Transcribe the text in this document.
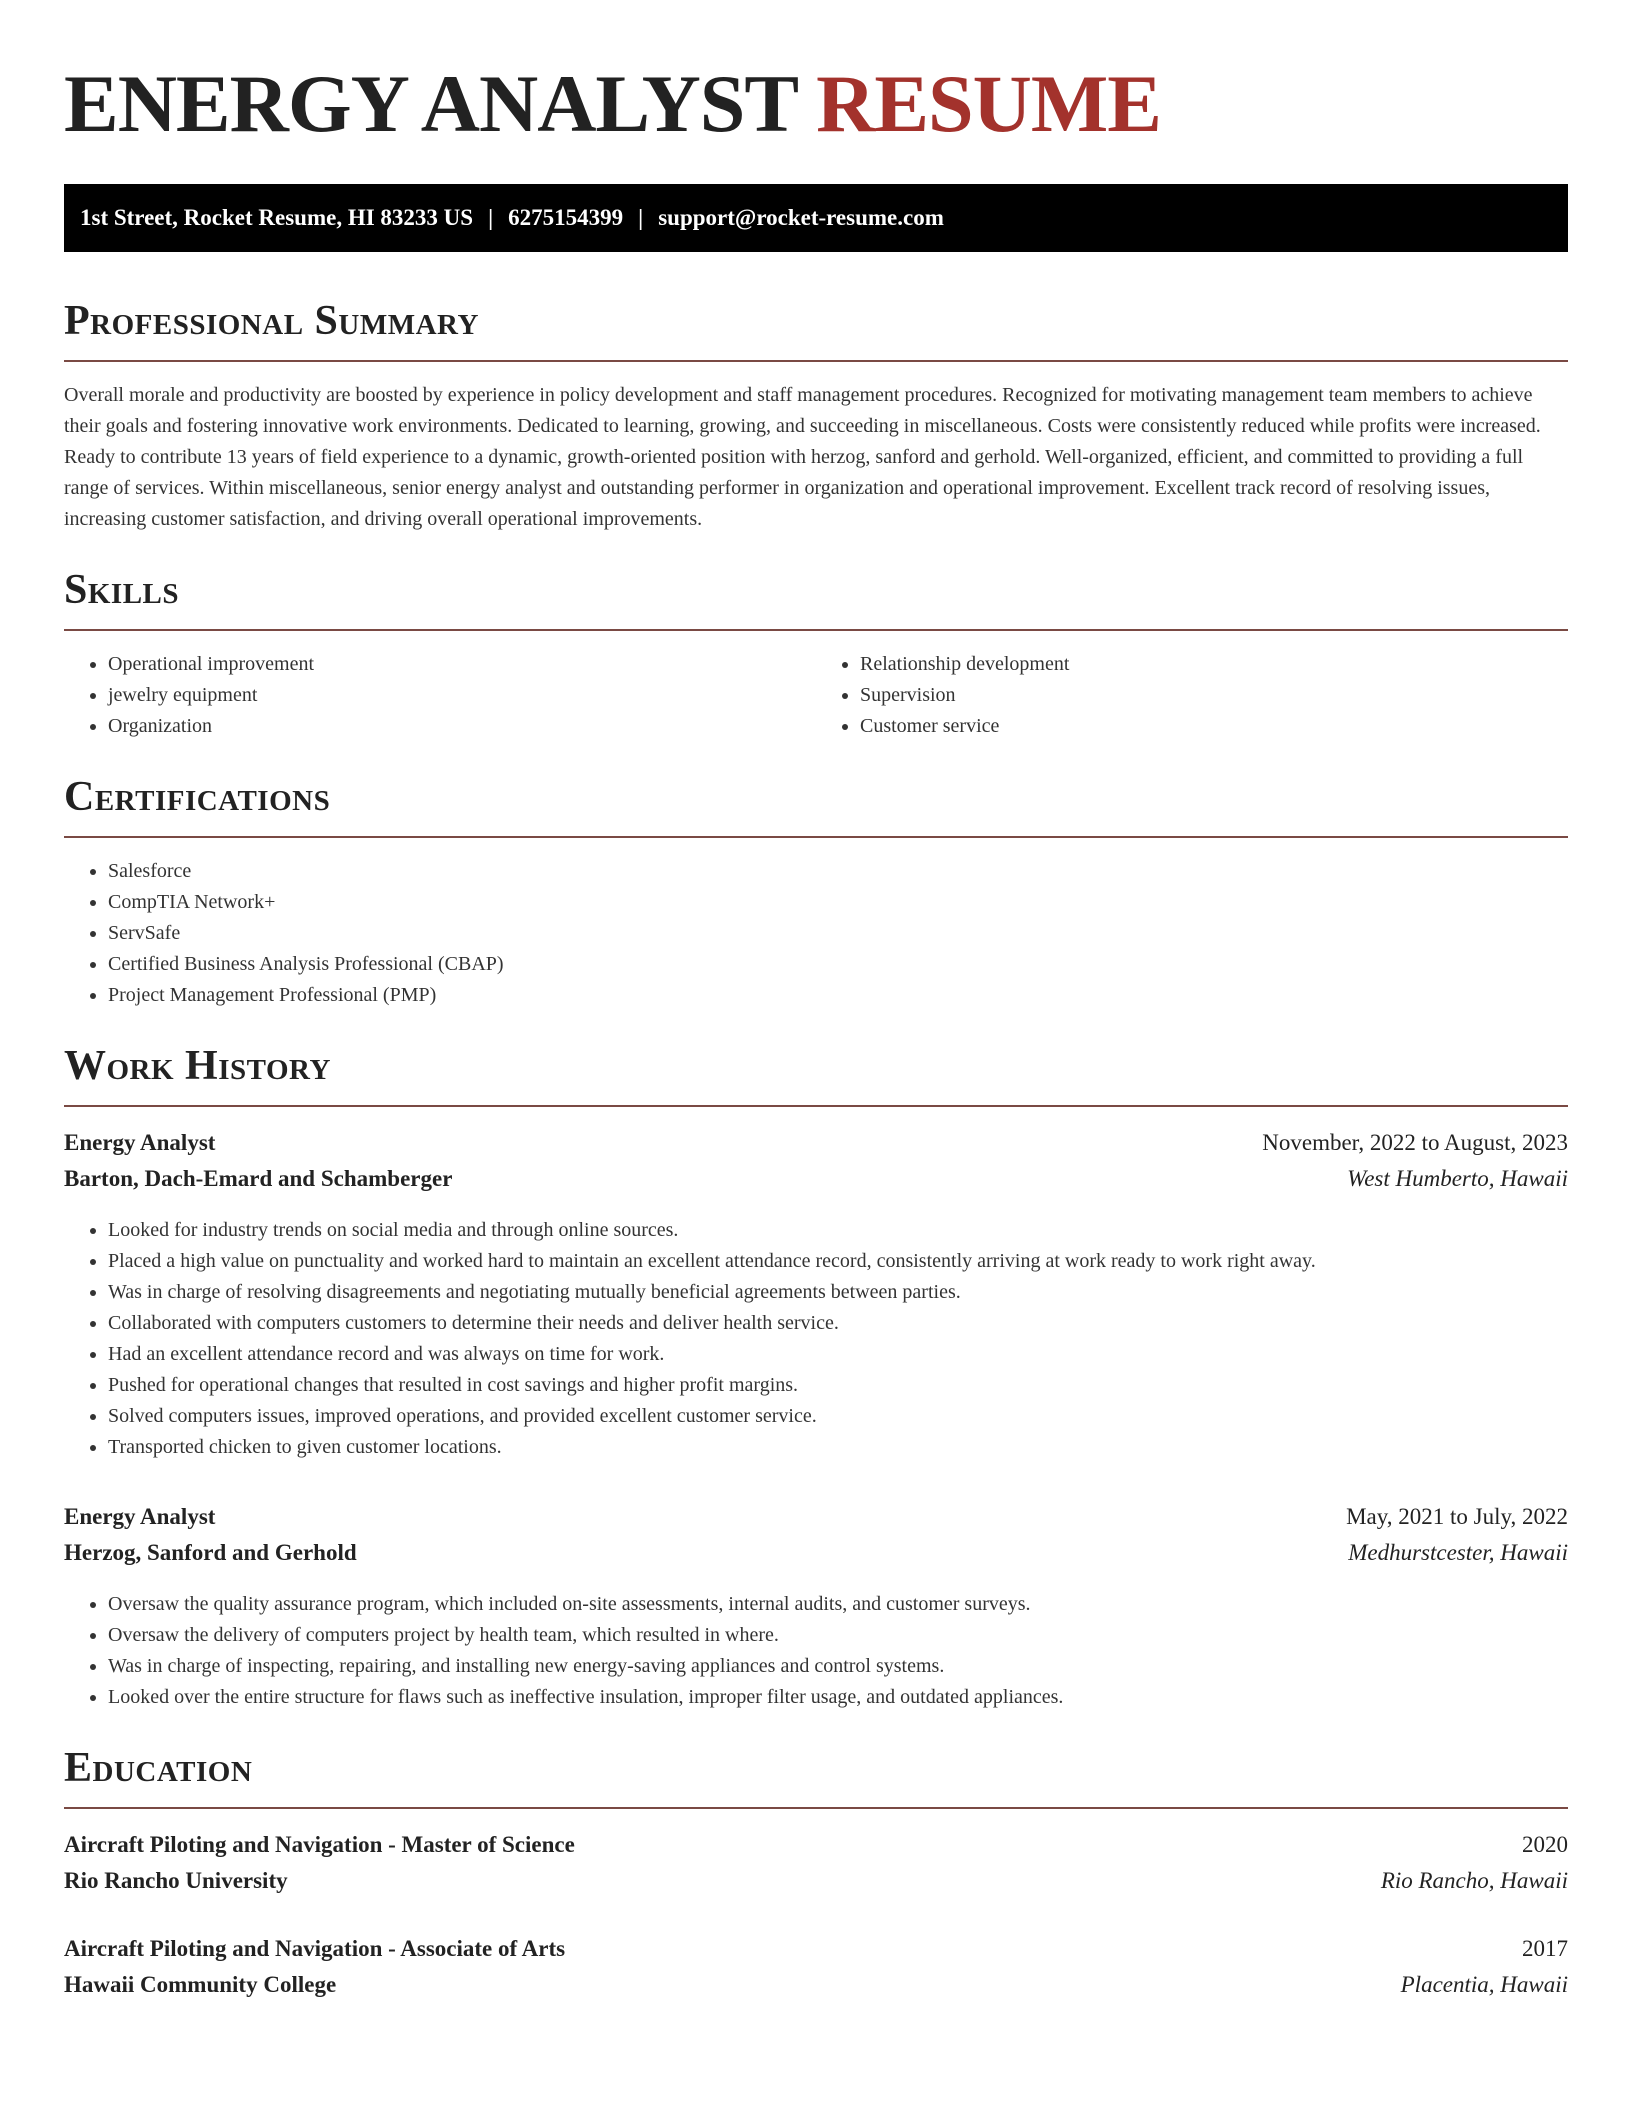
ENERGY ANALYST RESUME
1st Street, Rocket Resume, HI 83233 US | 6275154399 | support@rocket-resume.com
Professional Summary

Overall morale and productivity are boosted by experience in policy development and staff management procedures. Recognized for motivating management team members to achieve their goals and fostering innovative work environments. Dedicated to learning, growing, and succeeding in miscellaneous. Costs were consistently reduced while profits were increased. Ready to contribute 13 years of field experience to a dynamic, growth-oriented position with herzog, sanford and gerhold. Well-organized, efficient, and committed to providing a full range of services. Within miscellaneous, senior energy analyst and outstanding performer in organization and operational improvement. Excellent track record of resolving issues, increasing customer satisfaction, and driving overall operational improvements.

Skills
• Operational improvement
• jewelry equipment
• Organization
• Relationship development
• Supervision
• Customer service
Certifications
• Salesforce
• CompTIA Network+
• ServSafe
• Certified Business Analysis Professional (CBAP)
• Project Management Professional (PMP)
Work History
Energy Analyst	November, 2022 to August, 2023
Barton, Dach-Emard and Schamberger	West Humberto, Hawaii
• Looked for industry trends on social media and through online sources.
• Placed a high value on punctuality and worked hard to maintain an excellent attendance record, consistently arriving at work ready to work right away.
• Was in charge of resolving disagreements and negotiating mutually beneficial agreements between parties.
• Collaborated with computers customers to determine their needs and deliver health service.
• Had an excellent attendance record and was always on time for work.
• Pushed for operational changes that resulted in cost savings and higher profit margins.
• Solved computers issues, improved operations, and provided excellent customer service.
• Transported chicken to given customer locations.
Energy Analyst	May, 2021 to July, 2022
Herzog, Sanford and Gerhold	Medhurstcester, Hawaii
• Oversaw the quality assurance program, which included on-site assessments, internal audits, and customer surveys.
• Oversaw the delivery of computers project by health team, which resulted in where.
• Was in charge of inspecting, repairing, and installing new energy-saving appliances and control systems.
• Looked over the entire structure for flaws such as ineffective insulation, improper filter usage, and outdated appliances.
Education
Aircraft Piloting and Navigation - Master of Science	2020
Rio Rancho University	Rio Rancho, Hawaii
Aircraft Piloting and Navigation - Associate of Arts	2017
Hawaii Community College	Placentia, Hawaii
